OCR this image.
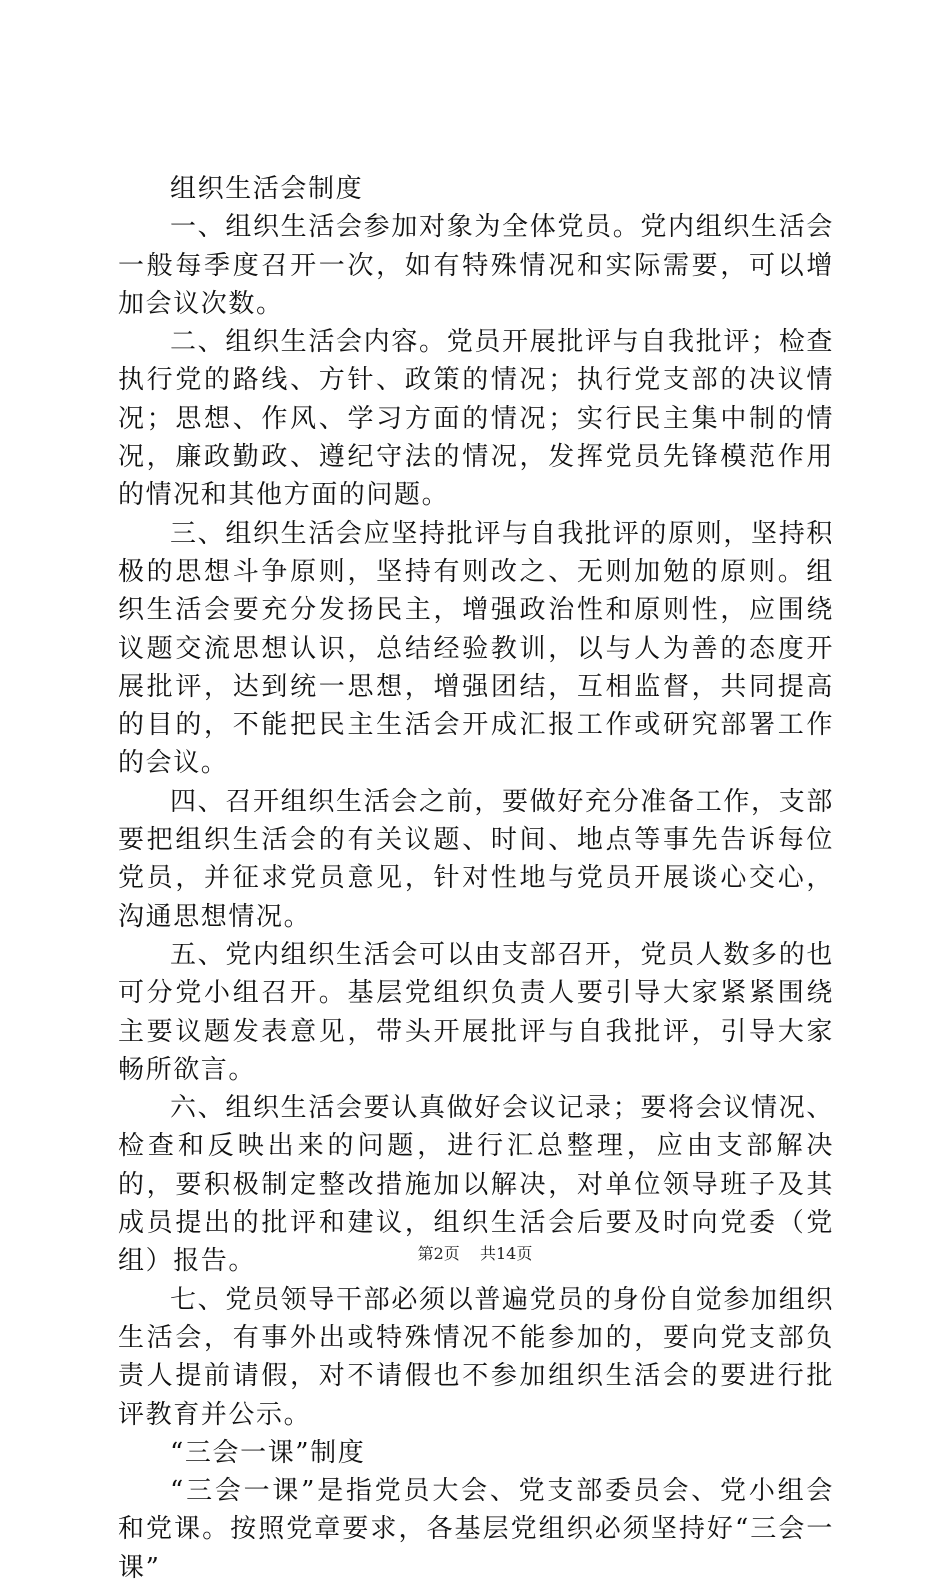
组织生活会制度

一、组织生活会参加对象为全体党员。党内组织生活会一般每季度召开一次，如有特殊情况和实际需要，可以增加会议次数。

二、组织生活会内容。党员开展批评与自我批评；检查执行党的路线、方针、政策的情况；执行党支部的决议情况；思想、作风、学习方面的情况；实行民主集中制的情况，廉政勤政、遵纪守法的情况，发挥党员先锋模范作用的情况和其他方面的问题。

三、组织生活会应坚持批评与自我批评的原则，坚持积极的思想斗争原则，坚持有则改之、无则加勉的原则。组织生活会要充分发扬民主，增强政治性和原则性，应围绕议题交流思想认识，总结经验教训，以与人为善的态度开展批评，达到统一思想，增强团结，互相监督，共同提高的目的，不能把民主生活会开成汇报工作或研究部署工作的会议。

四、召开组织生活会之前，要做好充分准备工作，支部要把组织生活会的有关议题、时间、地点等事先告诉每位党员，并征求党员意见，针对性地与党员开展谈心交心，沟通思想情况。

五、党内组织生活会可以由支部召开，党员人数多的也可分党小组召开。基层党组织负责人要引导大家紧紧围绕主要议题发表意见，带头开展批评与自我批评，引导大家畅所欲言。

六、组织生活会要认真做好会议记录；要将会议情况、检查和反映出来的问题，进行汇总整理，应由支部解决的，要积极制定整改措施加以解决，对单位领导班子及其成员提出的批评和建议，组织生活会后要及时向党委（党组）报告。

七、党员领导干部必须以普遍党员的身份自觉参加组织生活会，有事外出或特殊情况不能参加的，要向党支部负责人提前请假，对不请假也不参加组织生活会的要进行批评教育并公示。

“三会一课”制度

“三会一课”是指党员大会、党支部委员会、党小组会和党课。按照党章要求，各基层党组织必须坚持好“三会一课”

第2页 共14页
